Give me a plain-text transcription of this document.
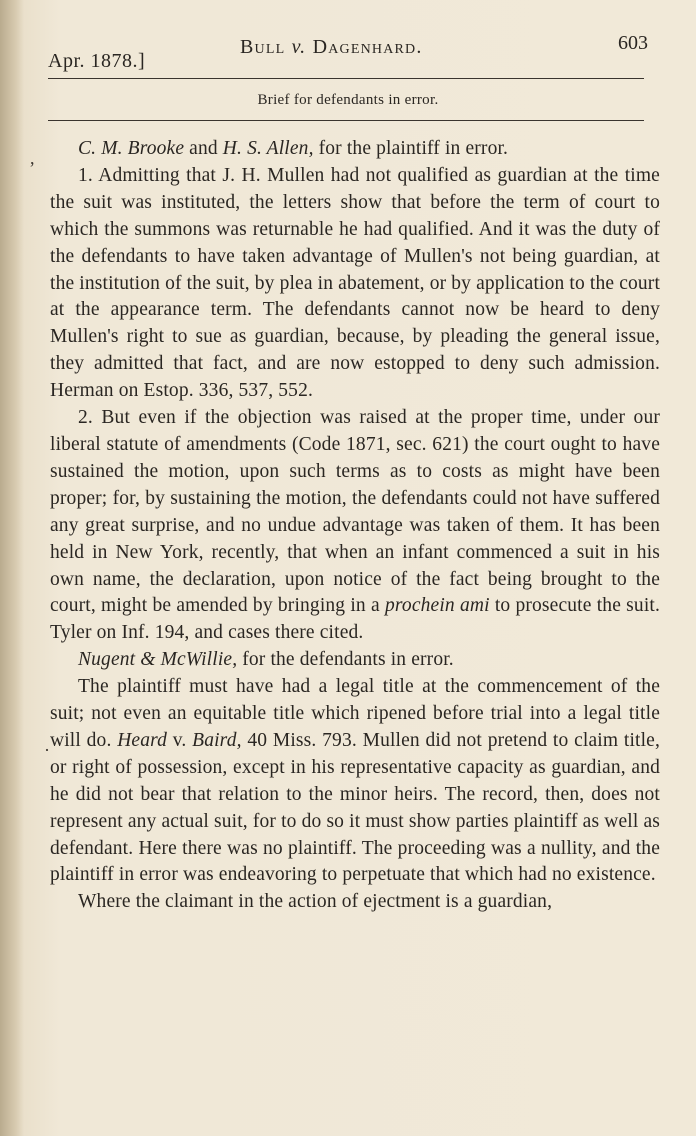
Apr. 1878.]
Bull v. Dagenhard.	603
Brief for defendants in error.
,
·

C. M. Brooke and H. S. Allen, for the plaintiff in error.

1. Admitting that J. H. Mullen had not qualified as guardian at the time the suit was instituted, the letters show that before the term of court to which the summons was returnable he had qualified. And it was the duty of the defendants to have taken advantage of Mullen's not being guardian, at the institution of the suit, by plea in abatement, or by application to the court at the appearance term. The defendants cannot now be heard to deny Mullen's right to sue as guardian, because, by pleading the general issue, they admitted that fact, and are now estopped to deny such admission. Herman on Estop. 336, 537, 552.

2. But even if the objection was raised at the proper time, under our liberal statute of amendments (Code 1871, sec. 621) the court ought to have sustained the motion, upon such terms as to costs as might have been proper; for, by sustaining the motion, the defendants could not have suffered any great surprise, and no undue advantage was taken of them. It has been held in New York, recently, that when an infant commenced a suit in his own name, the declaration, upon notice of the fact being brought to the court, might be amended by bringing in a prochein ami to prosecute the suit. Tyler on Inf. 194, and cases there cited.

Nugent & McWillie, for the defendants in error.

The plaintiff must have had a legal title at the commencement of the suit; not even an equitable title which ripened before trial into a legal title will do. Heard v. Baird, 40 Miss. 793. Mullen did not pretend to claim title, or right of possession, except in his representative capacity as guardian, and he did not bear that relation to the minor heirs. The record, then, does not represent any actual suit, for to do so it must show parties plaintiff as well as defendant. Here there was no plaintiff. The proceeding was a nullity, and the plaintiff in error was endeavoring to perpetuate that which had no existence.

Where the claimant in the action of ejectment is a guardian,
